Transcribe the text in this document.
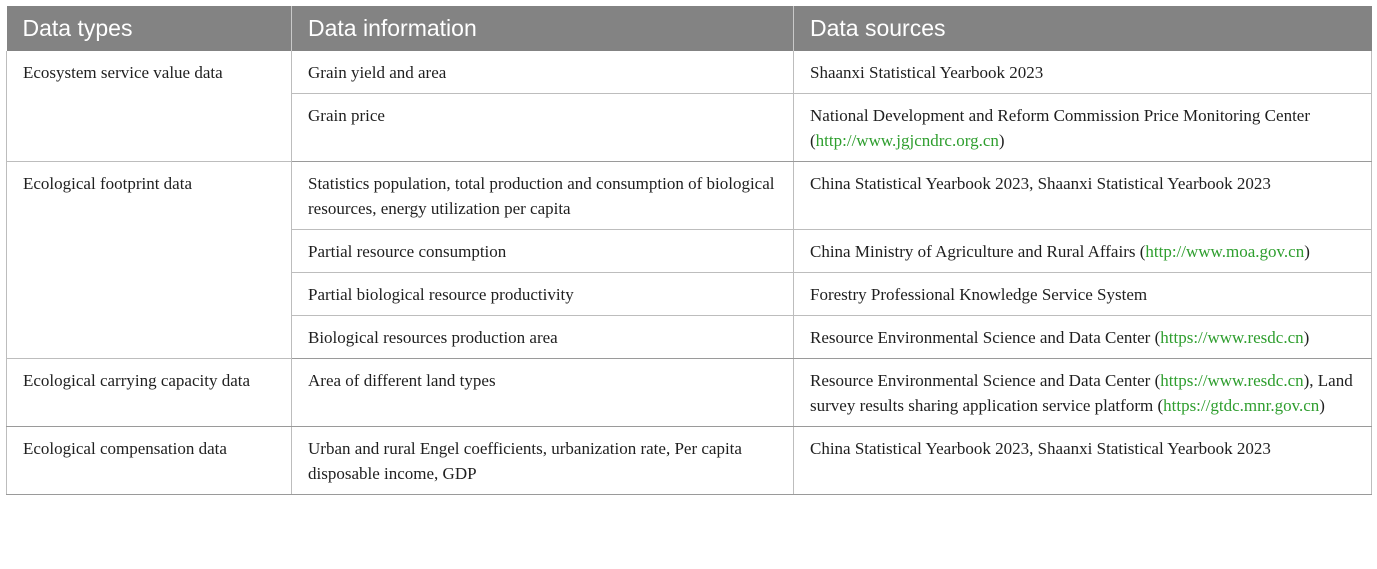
Data types	Data information	Data sources
Ecosystem service value data	Grain yield and area	Shaanxi Statistical Yearbook 2023
	Grain price	National Development and Reform Commission Price Monitoring Center (http://www.jgjcndrc.org.cn)
Ecological footprint data	Statistics population, total production and consumption of biological resources, energy utilization per capita	China Statistical Yearbook 2023, Shaanxi Statistical Yearbook 2023
	Partial resource consumption	China Ministry of Agriculture and Rural Affairs (http://www.moa.gov.cn)
	Partial biological resource productivity	Forestry Professional Knowledge Service System
	Biological resources production area	Resource Environmental Science and Data Center (https://www.resdc.cn)
Ecological carrying capacity data	Area of different land types	Resource Environmental Science and Data Center (https://www.resdc.cn), Land survey results sharing application service platform (https://gtdc.mnr.gov.cn)
Ecological compensation data	Urban and rural Engel coefficients, urbanization rate, Per capita disposable income, GDP	China Statistical Yearbook 2023, Shaanxi Statistical Yearbook 2023
